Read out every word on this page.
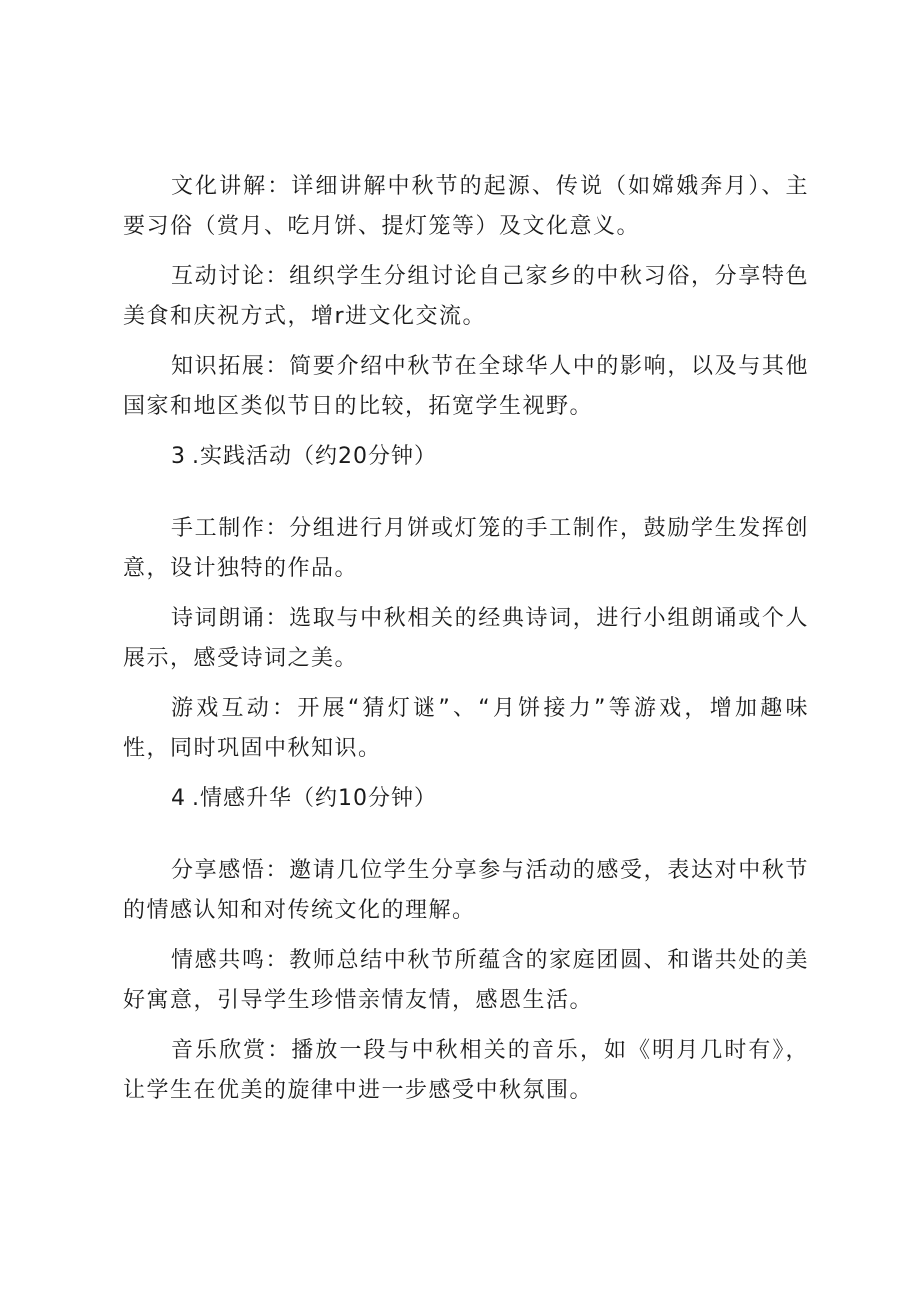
文化讲解：详细讲解中秋节的起源、传说（如嫦娥奔月）、主要习俗（赏月、吃月饼、提灯笼等）及文化意义。

互动讨论：组织学生分组讨论自己家乡的中秋习俗，分享特色美食和庆祝方式，增r进文化交流。

知识拓展：简要介绍中秋节在全球华人中的影响，以及与其他国家和地区类似节日的比较，拓宽学生视野。

3 .实践活动（约20分钟）

手工制作：分组进行月饼或灯笼的手工制作，鼓励学生发挥创意，设计独特的作品。

诗词朗诵：选取与中秋相关的经典诗词，进行小组朗诵或个人展示，感受诗词之美。

游戏互动：开展“猜灯谜”、“月饼接力”等游戏，增加趣味性，同时巩固中秋知识。

4 .情感升华（约10分钟）

分享感悟：邀请几位学生分享参与活动的感受，表达对中秋节的情感认知和对传统文化的理解。

情感共鸣：教师总结中秋节所蕴含的家庭团圆、和谐共处的美好寓意，引导学生珍惜亲情友情，感恩生活。

音乐欣赏：播放一段与中秋相关的音乐，如《明月几时有》，让学生在优美的旋律中进一步感受中秋氛围。
